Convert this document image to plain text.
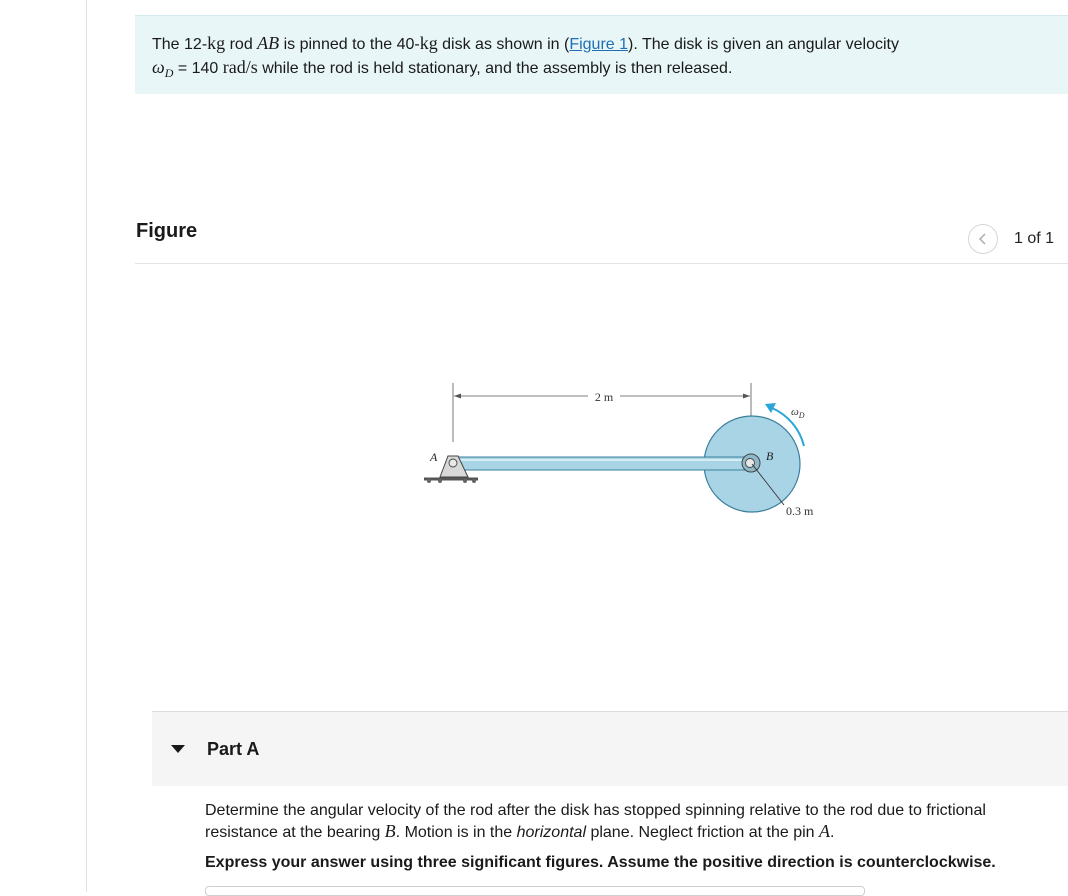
The 12-kg rod AB is pinned to the 40-kg disk as shown in (Figure 1). The disk is given an angular velocity
$\omega_D = 140$ rad/s while the rod is held stationary, and the assembly is then released.
Figure	1 of 1
2 m
B
A
0.3 m
$\omega_D$
Part A
Determine the angular velocity of the rod after the disk has stopped spinning relative to the rod due to frictional resistance at the bearing B. Motion is in the horizontal plane. Neglect friction at the pin A.
Express your answer using three significant figures. Assume the positive direction is counterclockwise.
